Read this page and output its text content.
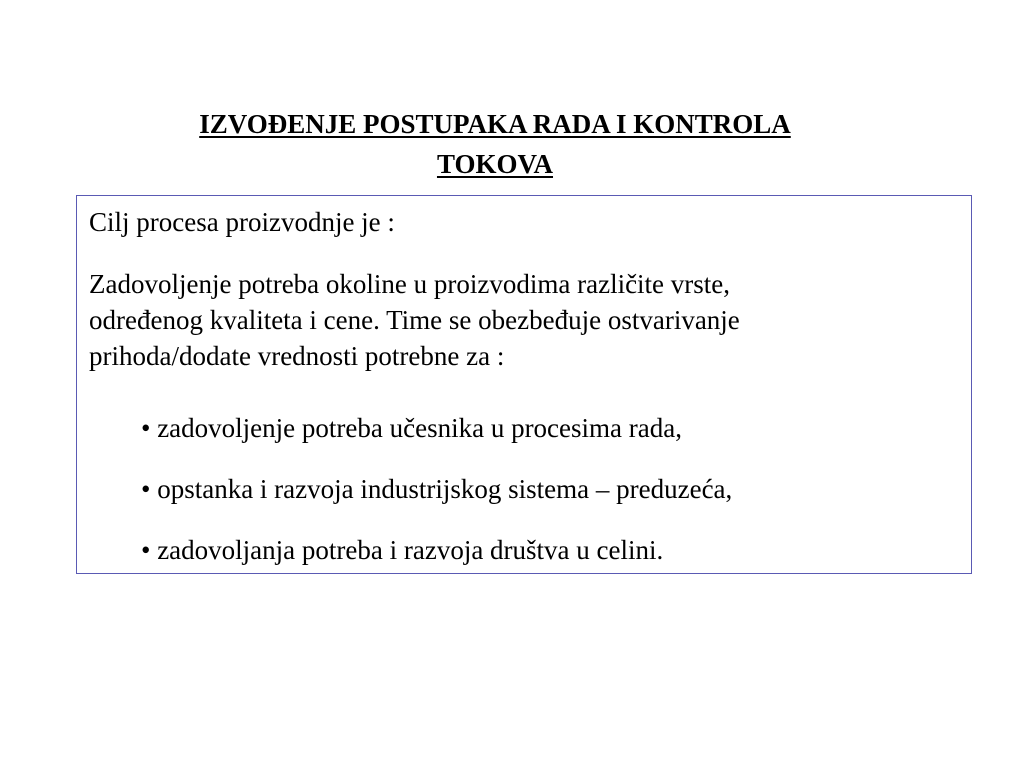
IZVOĐENJE POSTUPAKA RADA I KONTROLA
TOKOVA

Cilj procesa proizvodnje je :

Zadovoljenje potreba okoline u proizvodima različite vrste,
određenog kvaliteta i cene. Time se obezbeđuje ostvarivanje
prihoda/dodate vrednosti potrebne za :

• zadovoljenje potreba učesnika u procesima rada,

• opstanka i razvoja industrijskog sistema – preduzeća,

• zadovoljanja potreba i razvoja društva u celini.
